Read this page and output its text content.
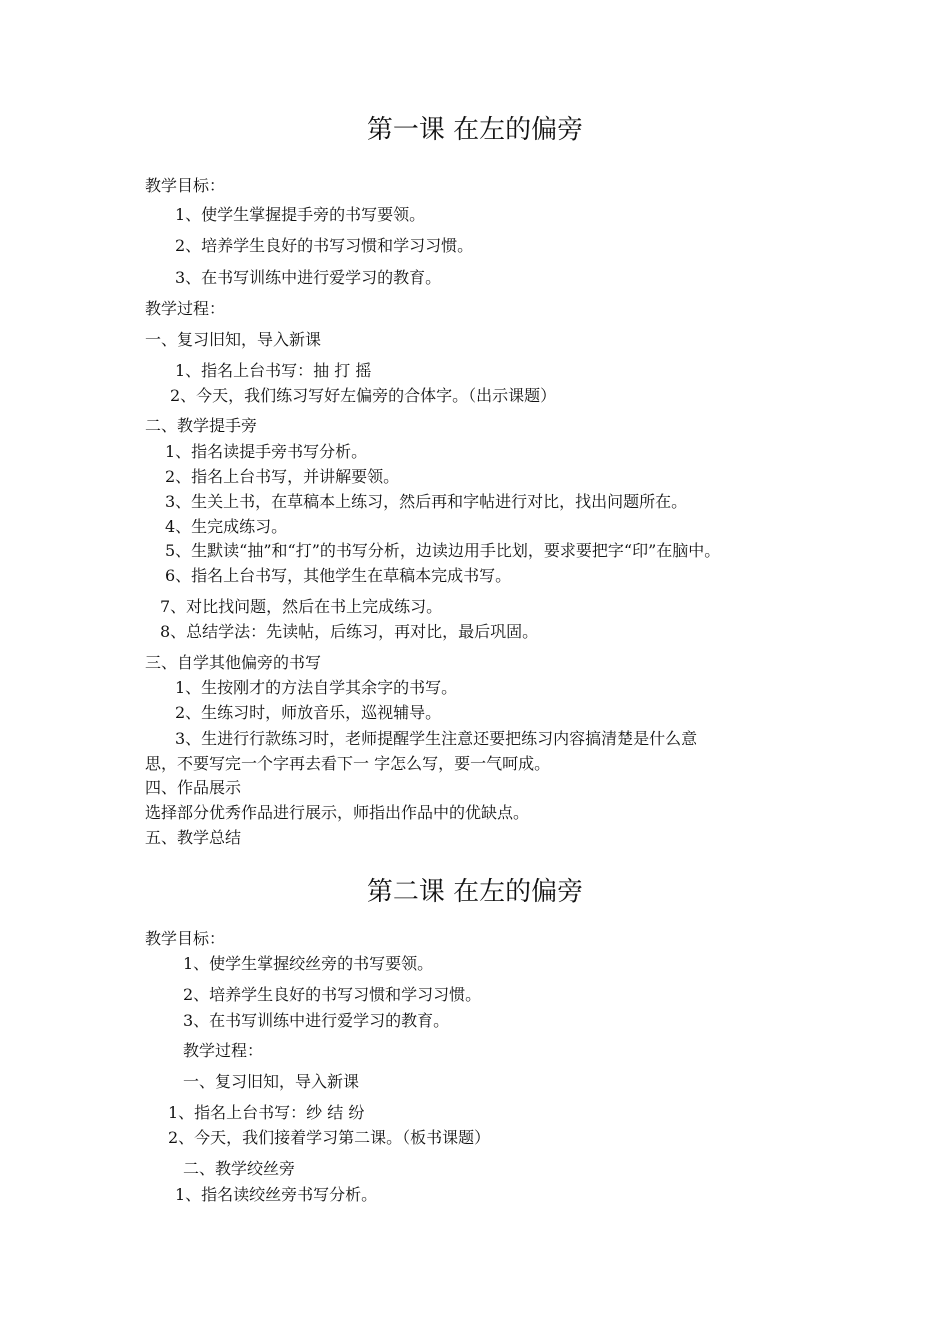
第一课 在左的偏旁
教学目标：
1、使学生掌握提手旁的书写要领。
2、培养学生良好的书写习惯和学习习惯。
3、在书写训练中进行爱学习的教育。
教学过程：
一、复习旧知，导入新课
1、指名上台书写：抽 打 摇
2、今天，我们练习写好左偏旁的合体字。（出示课题）
二、教学提手旁
1、指名读提手旁书写分析。
2、指名上台书写，并讲解要领。
3、生关上书，在草稿本上练习，然后再和字帖进行对比，找出问题所在。
4、生完成练习。
5、生默读“抽”和“打”的书写分析，边读边用手比划，要求要把字“印”在脑中。
6、指名上台书写，其他学生在草稿本完成书写。
7、对比找问题，然后在书上完成练习。
8、总结学法：先读帖，后练习，再对比，最后巩固。
三、自学其他偏旁的书写
1、生按刚才的方法自学其余字的书写。
2、生练习时，师放音乐，巡视辅导。
3、生进行行款练习时，老师提醒学生注意还要把练习内容搞清楚是什么意
思，不要写完一个字再去看下一 字怎么写，要一气呵成。
四、作品展示
选择部分优秀作品进行展示，师指出作品中的优缺点。
五、教学总结
第二课 在左的偏旁
教学目标：
1、使学生掌握绞丝旁的书写要领。
2、培养学生良好的书写习惯和学习习惯。
3、在书写训练中进行爱学习的教育。
教学过程：
一、复习旧知，导入新课
1、指名上台书写：纱 结 纷
2、今天，我们接着学习第二课。（板书课题）
二、教学绞丝旁
1、指名读绞丝旁书写分析。
